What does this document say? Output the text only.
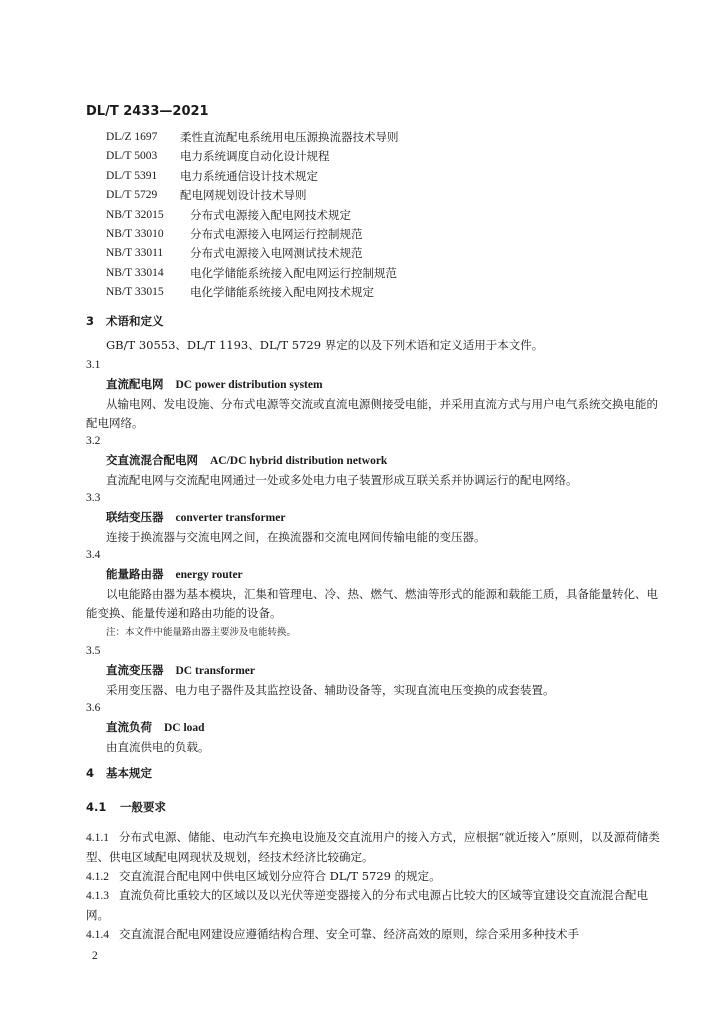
DL/T 2433—2021
DL/Z 1697	柔性直流配电系统用电压源换流器技术导则
DL/T 5003	电力系统调度自动化设计规程
DL/T 5391	电力系统通信设计技术规定
DL/T 5729	配电网规划设计技术导则
NB/T 32015	分布式电源接入配电网技术规定
NB/T 33010	分布式电源接入电网运行控制规范
NB/T 33011	分布式电源接入电网测试技术规范
NB/T 33014	电化学储能系统接入配电网运行控制规范
NB/T 33015	电化学储能系统接入配电网技术规定
3 术语和定义
GB/T 30553、DL/T 1193、DL/T 5729 界定的以及下列术语和定义适用于本文件。
3.1
直流配电网 DC power distribution system
从输电网、发电设施、分布式电源等交流或直流电源侧接受电能，并采用直流方式与用户电气系统交换电能的配电网络。
3.2
交直流混合配电网 AC/DC hybrid distribution network
直流配电网与交流配电网通过一处或多处电力电子装置形成互联关系并协调运行的配电网络。
3.3
联结变压器 converter transformer
连接于换流器与交流电网之间，在换流器和交流电网间传输电能的变压器。
3.4
能量路由器 energy router
以电能路由器为基本模块，汇集和管理电、冷、热、燃气、燃油等形式的能源和载能工质，具备能量转化、电能变换、能量传递和路由功能的设备。
注：本文件中能量路由器主要涉及电能转换。
3.5
直流变压器 DC transformer
采用变压器、电力电子器件及其监控设备、辅助设备等，实现直流电压变换的成套装置。
3.6
直流负荷 DC load
由直流供电的负载。
4 基本规定
4.1 一般要求
4.1.1 分布式电源、储能、电动汽车充换电设施及交直流用户的接入方式，应根据“就近接入”原则，以及源荷储类型、供电区域配电网现状及规划，经技术经济比较确定。
4.1.2 交直流混合配电网中供电区域划分应符合 DL/T 5729 的规定。
4.1.3 直流负荷比重较大的区域以及以光伏等逆变器接入的分布式电源占比较大的区域等宜建设交直流混合配电网。
4.1.4 交直流混合配电网建设应遵循结构合理、安全可靠、经济高效的原则，综合采用多种技术手
2
